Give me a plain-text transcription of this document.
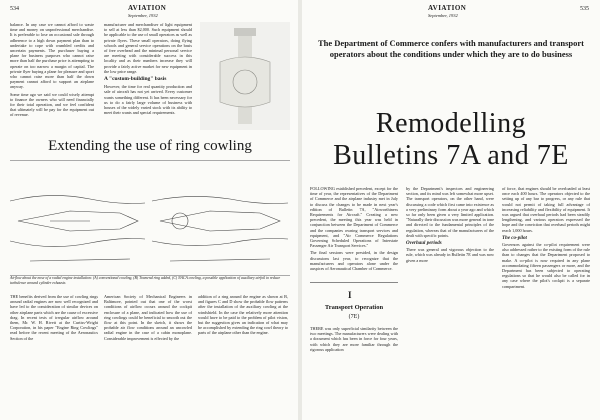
534	AVIATION
September, 1932

balance. In any case we cannot afford to waste time and money on unprofessional merchandise. It is preferable to lose an occasional sale through adherence to a high down payment plan than to undertake to cope with crumbled credits and uncertain payments. The purchaser buying a plane for business purposes who cannot raise more than half the purchase price is attempting to operate on too narrow a margin of capital. The private flyer buying a plane for pleasure and sport who cannot raise more than half the down payment cannot afford to support an airplane anyway.

Some time ago we said we could wisely attempt to finance the owners who will need financially for their total operation, and we feel confident that ultimately will be pay for the equipment out of revenue.

manufacturer and merchandiser of light equipment to sell at less than $2,000. Such equipment should be applicable to the use of small operators as well as private flyers. These small operators, doing flying schools and general service operations on the basis of free overhead and the minimal personal service are meeting with considerable success in this locality and as their numbers increase they will provide a fairly active market for new equipment in the low price range.

A "custom-building" basis

However, the time for real quantity production and sale of aircraft has not yet arrived. Every customer wants something different. It has been necessary for us to do a fairly large volume of business with houses of the widely varied stock with its ability to meet their wants and special requirements.

Extending the use of ring cowling
Airflow about the nose of a radial engine installation: (A) conventional cowling, (B) Townend ring added, (C) NACA cowling, a possible application of auxiliary airfoil to reduce turbulence around cylinder exhausts

THE benefits derived from the use of cowling rings around radial engines are now well recognized and have led to the consideration of similar devices on other airplane parts which are the cause of excessive drag. In recent tests of irregular airflow around them, Mr. W. H. Rivett at the Curtiss-Wright Corporation, in his paper "Engine Ring Cowlings" read before the recent meeting of the Aeronautics Section of the

American Society of Mechanical Engineers in Baltimore, pointed out that one of the worst conditions of airflow occurs around the cockpit enclosure of a plane, and indicated how the use of ring cowlings could be beneficial to smooth out the flow at this point. In the sketch, it shows the probable air flow conditions around an uncowled radial engine in the case of a cabin monoplane. Considerable improvement is effected by the

addition of a ring around the engine as shown at B, and figures C and D show the probable flow patterns after the installation of the auxiliary cowling at the windshield. In the case the relatively more attention would have to be paid to the problem of pilot vision, but the suggestion gives an indication of what may be accomplished by extending the ring cowl theory to parts of the airplane other than the engine.

AVIATION
September, 1932
535
The Department of Commerce confers with manufacturers and transport operators about the conditions under which they are to do business
Remodelling
Bulletins 7A and 7E

FOLLOWING established precedent, except for the time of year, the representatives of the Department of Commerce and the airplane industry met in July to discuss the changes to be made in next year's edition of Bulletin 7A, "Airworthiness Requirements for Aircraft." Creating a new precedent, the meeting this year was held in conjunction between the Department of Commerce and the companies owning transport services and equipment, and "Air Commerce Regulations Governing Scheduled Operations of Interstate Passenger Air Transport Services."

The final sessions were presided, in the design discussions last year, to recognize that the manufacturers and operators alone under the auspices of Aeronautical Chamber of Commerce.

by the Department's inspectors and engineering section, and its mind was left somewhat more upset. The transport operators, on the other hand, were discussing a code which first came into existence as a very preliminary form about a year ago and which so far only been given a very limited application. "Naturally their discussion was more general in tone and directed to the fundamental principles of the regulation, whereas that of the manufacturers of the dealt with specific points.

Overhaul periods

There was general and vigorous objection to the rule, which was already in Bulletin 7E and was now given a more

of force, that engines should be overloaded at least once each 400 hours. The operators objected to the setting up of any bar to progress, or any rule that would not permit of taking full advantage of increasing reliability and flexibility of equipment. It was argued that overhaul periods had been steadily lengthening, and various operators expressed the hope and the conviction that overhaul periods might reach 1,000 hours.

The co-pilot

Governors against the co-pilot requirement were also addressed rather to the existing form of the rule than to changes that the Department proposed to make. A co-pilot is now required in any plane accommodating fifteen passengers or more, and the Department has been subjected to operating regulations so that he would also be called for in any case where the pilot's cockpit is a separate compartment.

I
Transport Operation
(7E)

THERE was only superficial similarity between the two meetings. The manufacturers were dealing with a document which has been in force for four years, with which they are more familiar through the rigorous application
